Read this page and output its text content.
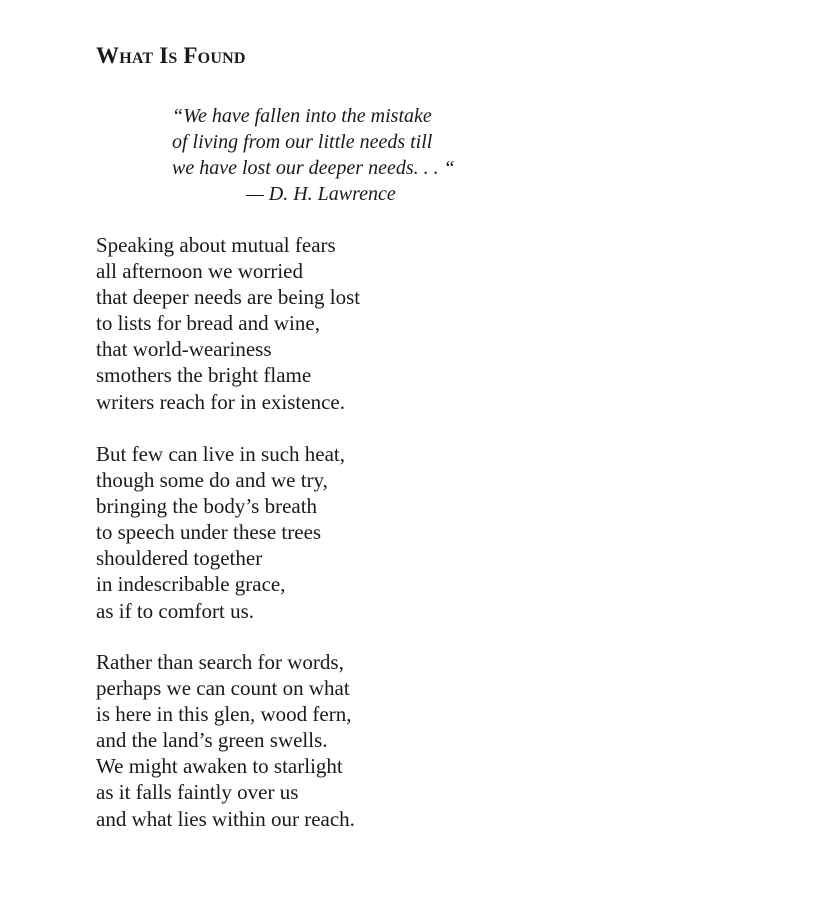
What Is Found
“We have fallen into the mistake
of living from our little needs till
we have lost our deeper needs. . . “
— D. H. Lawrence
Speaking about mutual fears
all afternoon we worried
that deeper needs are being lost
to lists for bread and wine,
that world-weariness
smothers the bright flame
writers reach for in existence.
But few can live in such heat,
though some do and we try,
bringing the body’s breath
to speech under these trees
shouldered together
in indescribable grace,
as if to comfort us.
Rather than search for words,
perhaps we can count on what
is here in this glen, wood fern,
and the land’s green swells.
We might awaken to starlight
as it falls faintly over us
and what lies within our reach.
